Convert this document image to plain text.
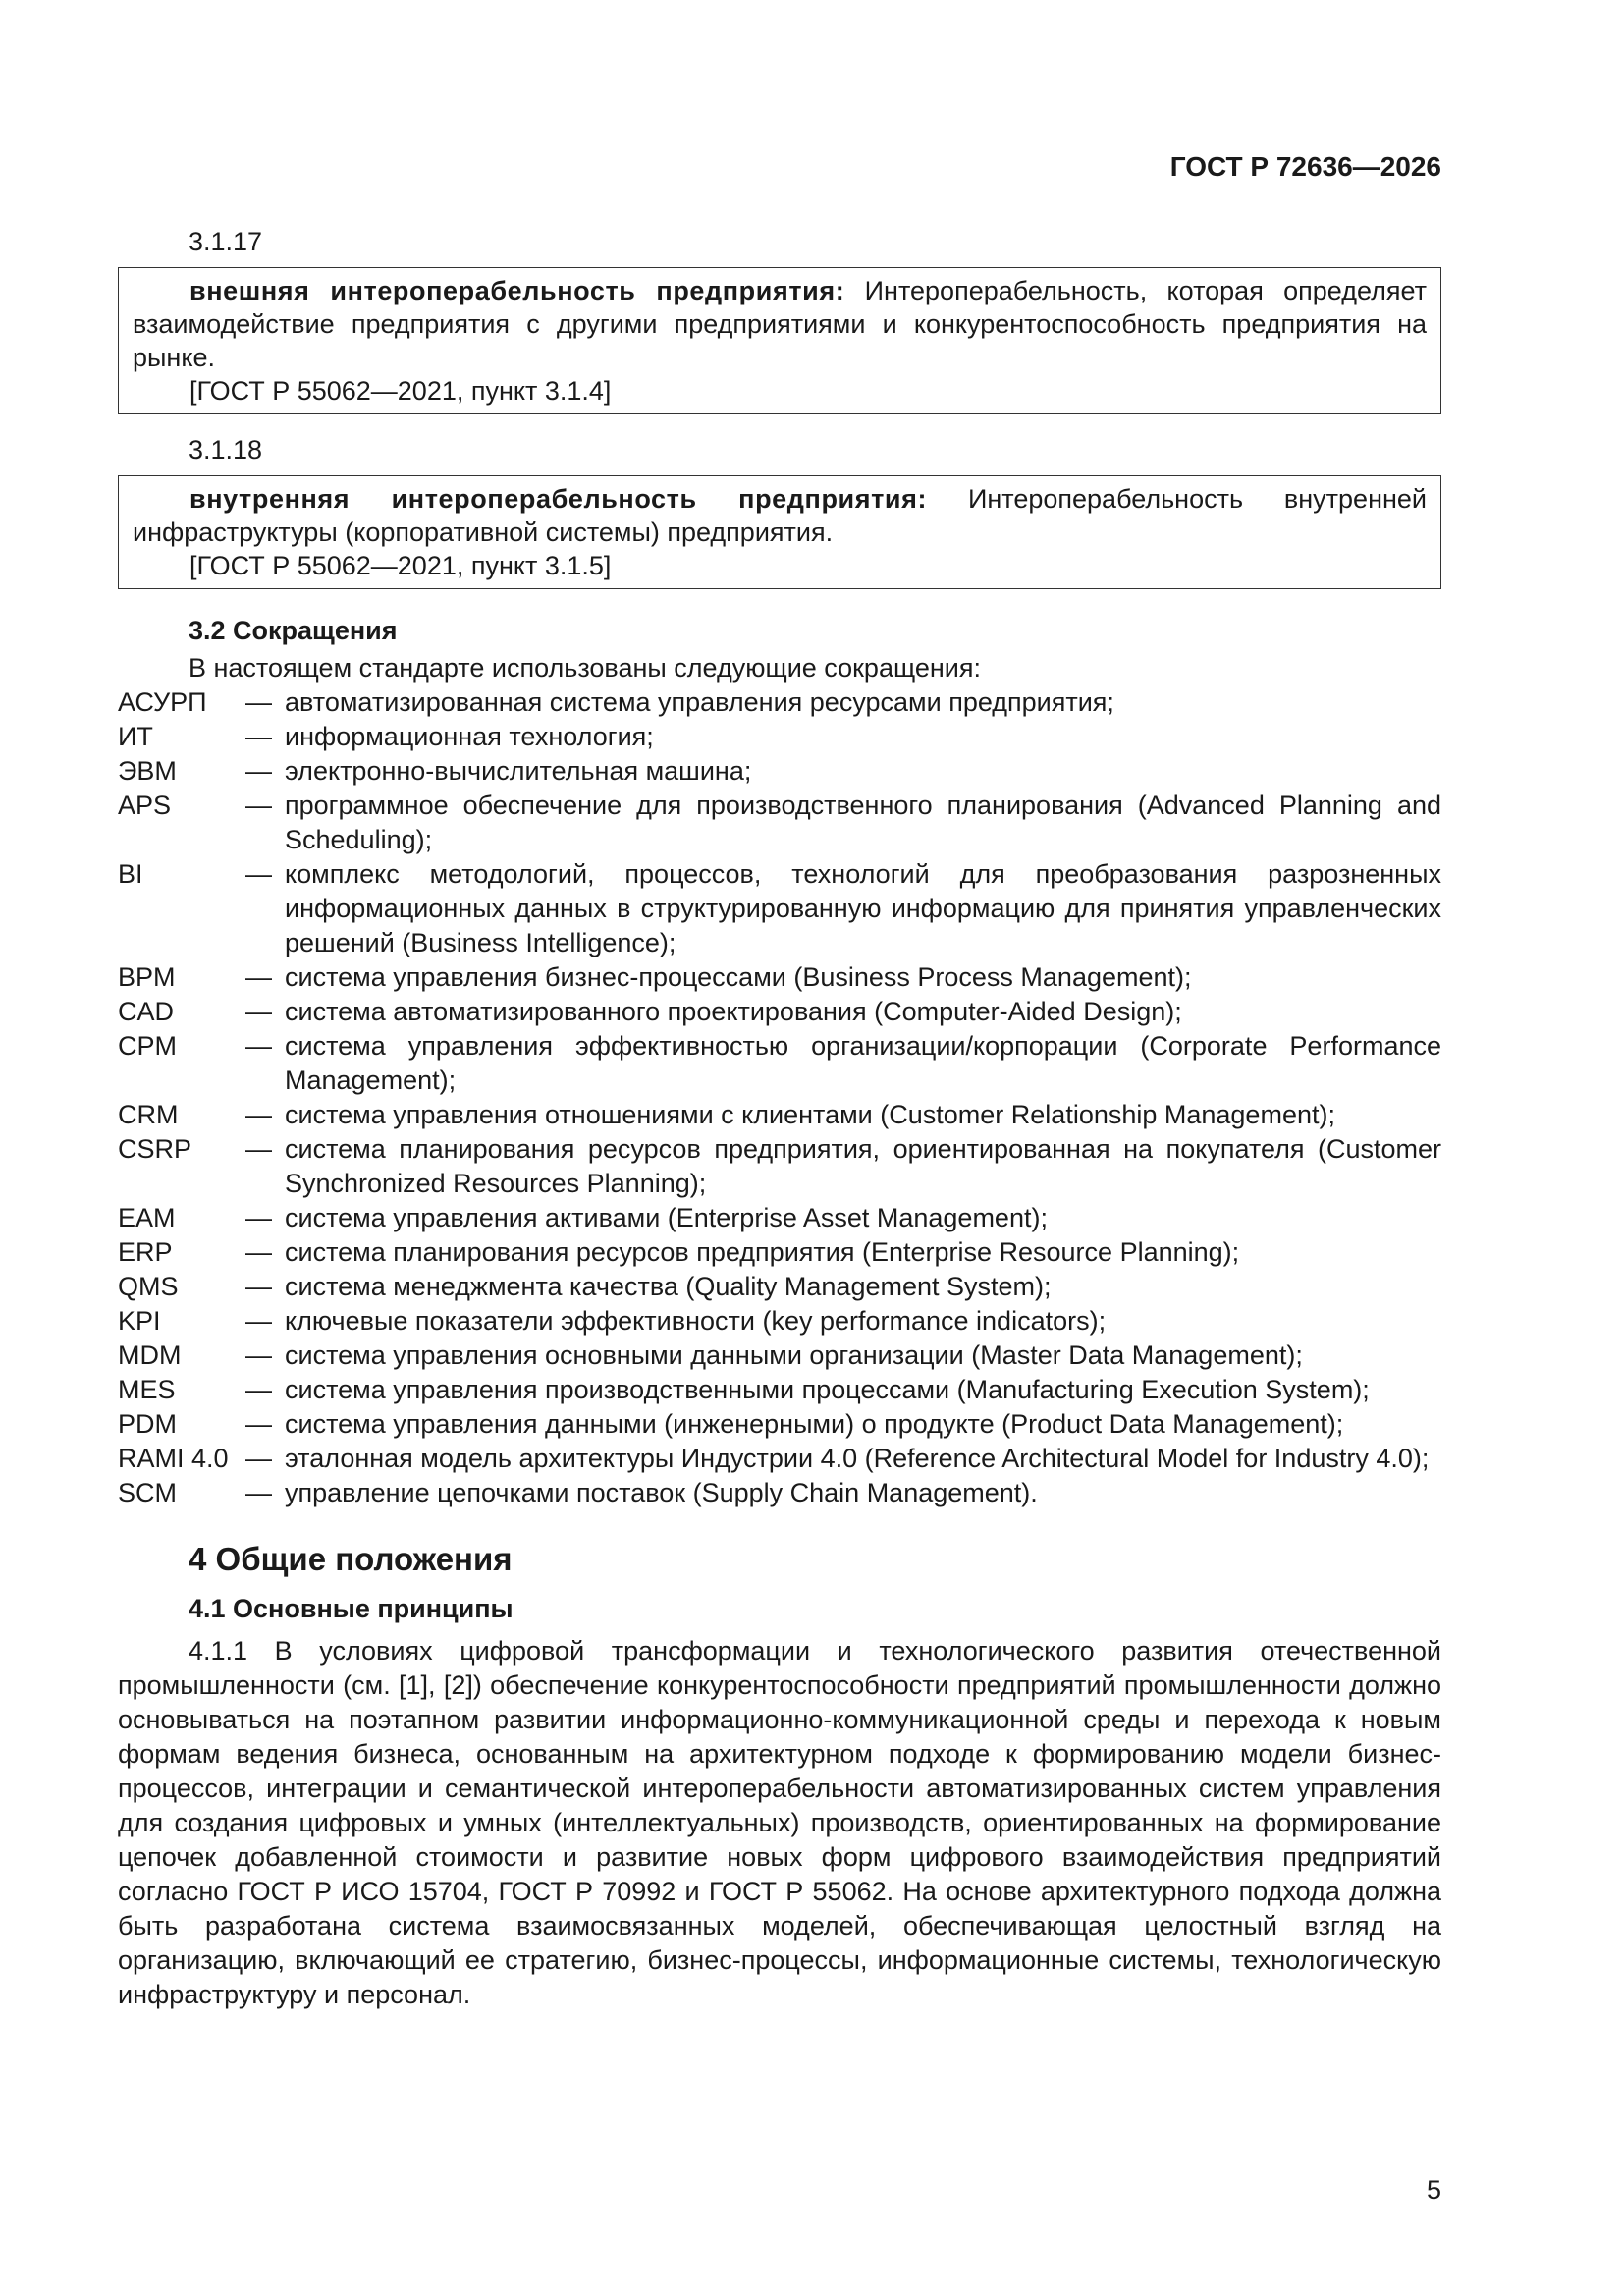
ГОСТ Р 72636—2026
3.1.17
внешняя интероперабельность предприятия: Интероперабельность, которая определяет взаимодействие предприятия с другими предприятиями и конкурентоспособность предприятия на рынке.
[ГОСТ Р 55062—2021, пункт 3.1.4]
3.1.18
внутренняя интероперабельность предприятия: Интероперабельность внутренней инфраструктуры (корпоративной системы) предприятия.
[ГОСТ Р 55062—2021, пункт 3.1.5]
3.2 Сокращения
В настоящем стандарте использованы следующие сокращения:
АСУРП	— автоматизированная система управления ресурсами предприятия;
ИТ	— информационная технология;
ЭВМ	— электронно-вычислительная машина;
APS	— программное обеспечение для производственного планирования (Advanced Planning and Scheduling);
BI	— комплекс методологий, процессов, технологий для преобразования разрозненных информационных данных в структурированную информацию для принятия управленческих решений (Business Intelligence);
BPM	— система управления бизнес-процессами (Business Process Management);
CAD	— система автоматизированного проектирования (Computer-Aided Design);
CPM	— система управления эффективностью организации/корпорации (Corporate Performance Management);
CRM	— система управления отношениями с клиентами (Customer Relationship Management);
CSRP	— система планирования ресурсов предприятия, ориентированная на покупателя (Customer Synchronized Resources Planning);
EAM	— система управления активами (Enterprise Asset Management);
ERP	— система планирования ресурсов предприятия (Enterprise Resource Planning);
QMS	— система менеджмента качества (Quality Management System);
KPI	— ключевые показатели эффективности (key performance indicators);
MDM	— система управления основными данными организации (Master Data Management);
MES	— система управления производственными процессами (Manufacturing Execution System);
PDM	— система управления данными (инженерными) о продукте (Product Data Management);
RAMI 4.0 — эталонная модель архитектуры Индустрии 4.0 (Reference Architectural Model for Industry 4.0);
SCM	— управление цепочками поставок (Supply Chain Management).
4 Общие положения
4.1 Основные принципы
4.1.1 В условиях цифровой трансформации и технологического развития отечественной промышленности (см. [1], [2]) обеспечение конкурентоспособности предприятий промышленности должно основываться на поэтапном развитии информационно-коммуникационной среды и перехода к новым формам ведения бизнеса, основанным на архитектурном подходе к формированию модели бизнес-процессов, интеграции и семантической интероперабельности автоматизированных систем управления для создания цифровых и умных (интеллектуальных) производств, ориентированных на формирование цепочек добавленной стоимости и развитие новых форм цифрового взаимодействия предприятий согласно ГОСТ Р ИСО 15704, ГОСТ Р 70992 и ГОСТ Р 55062. На основе архитектурного подхода должна быть разработана система взаимосвязанных моделей, обеспечивающая целостный взгляд на организацию, включающий ее стратегию, бизнес-процессы, информационные системы, технологическую инфраструктуру и персонал.
5
